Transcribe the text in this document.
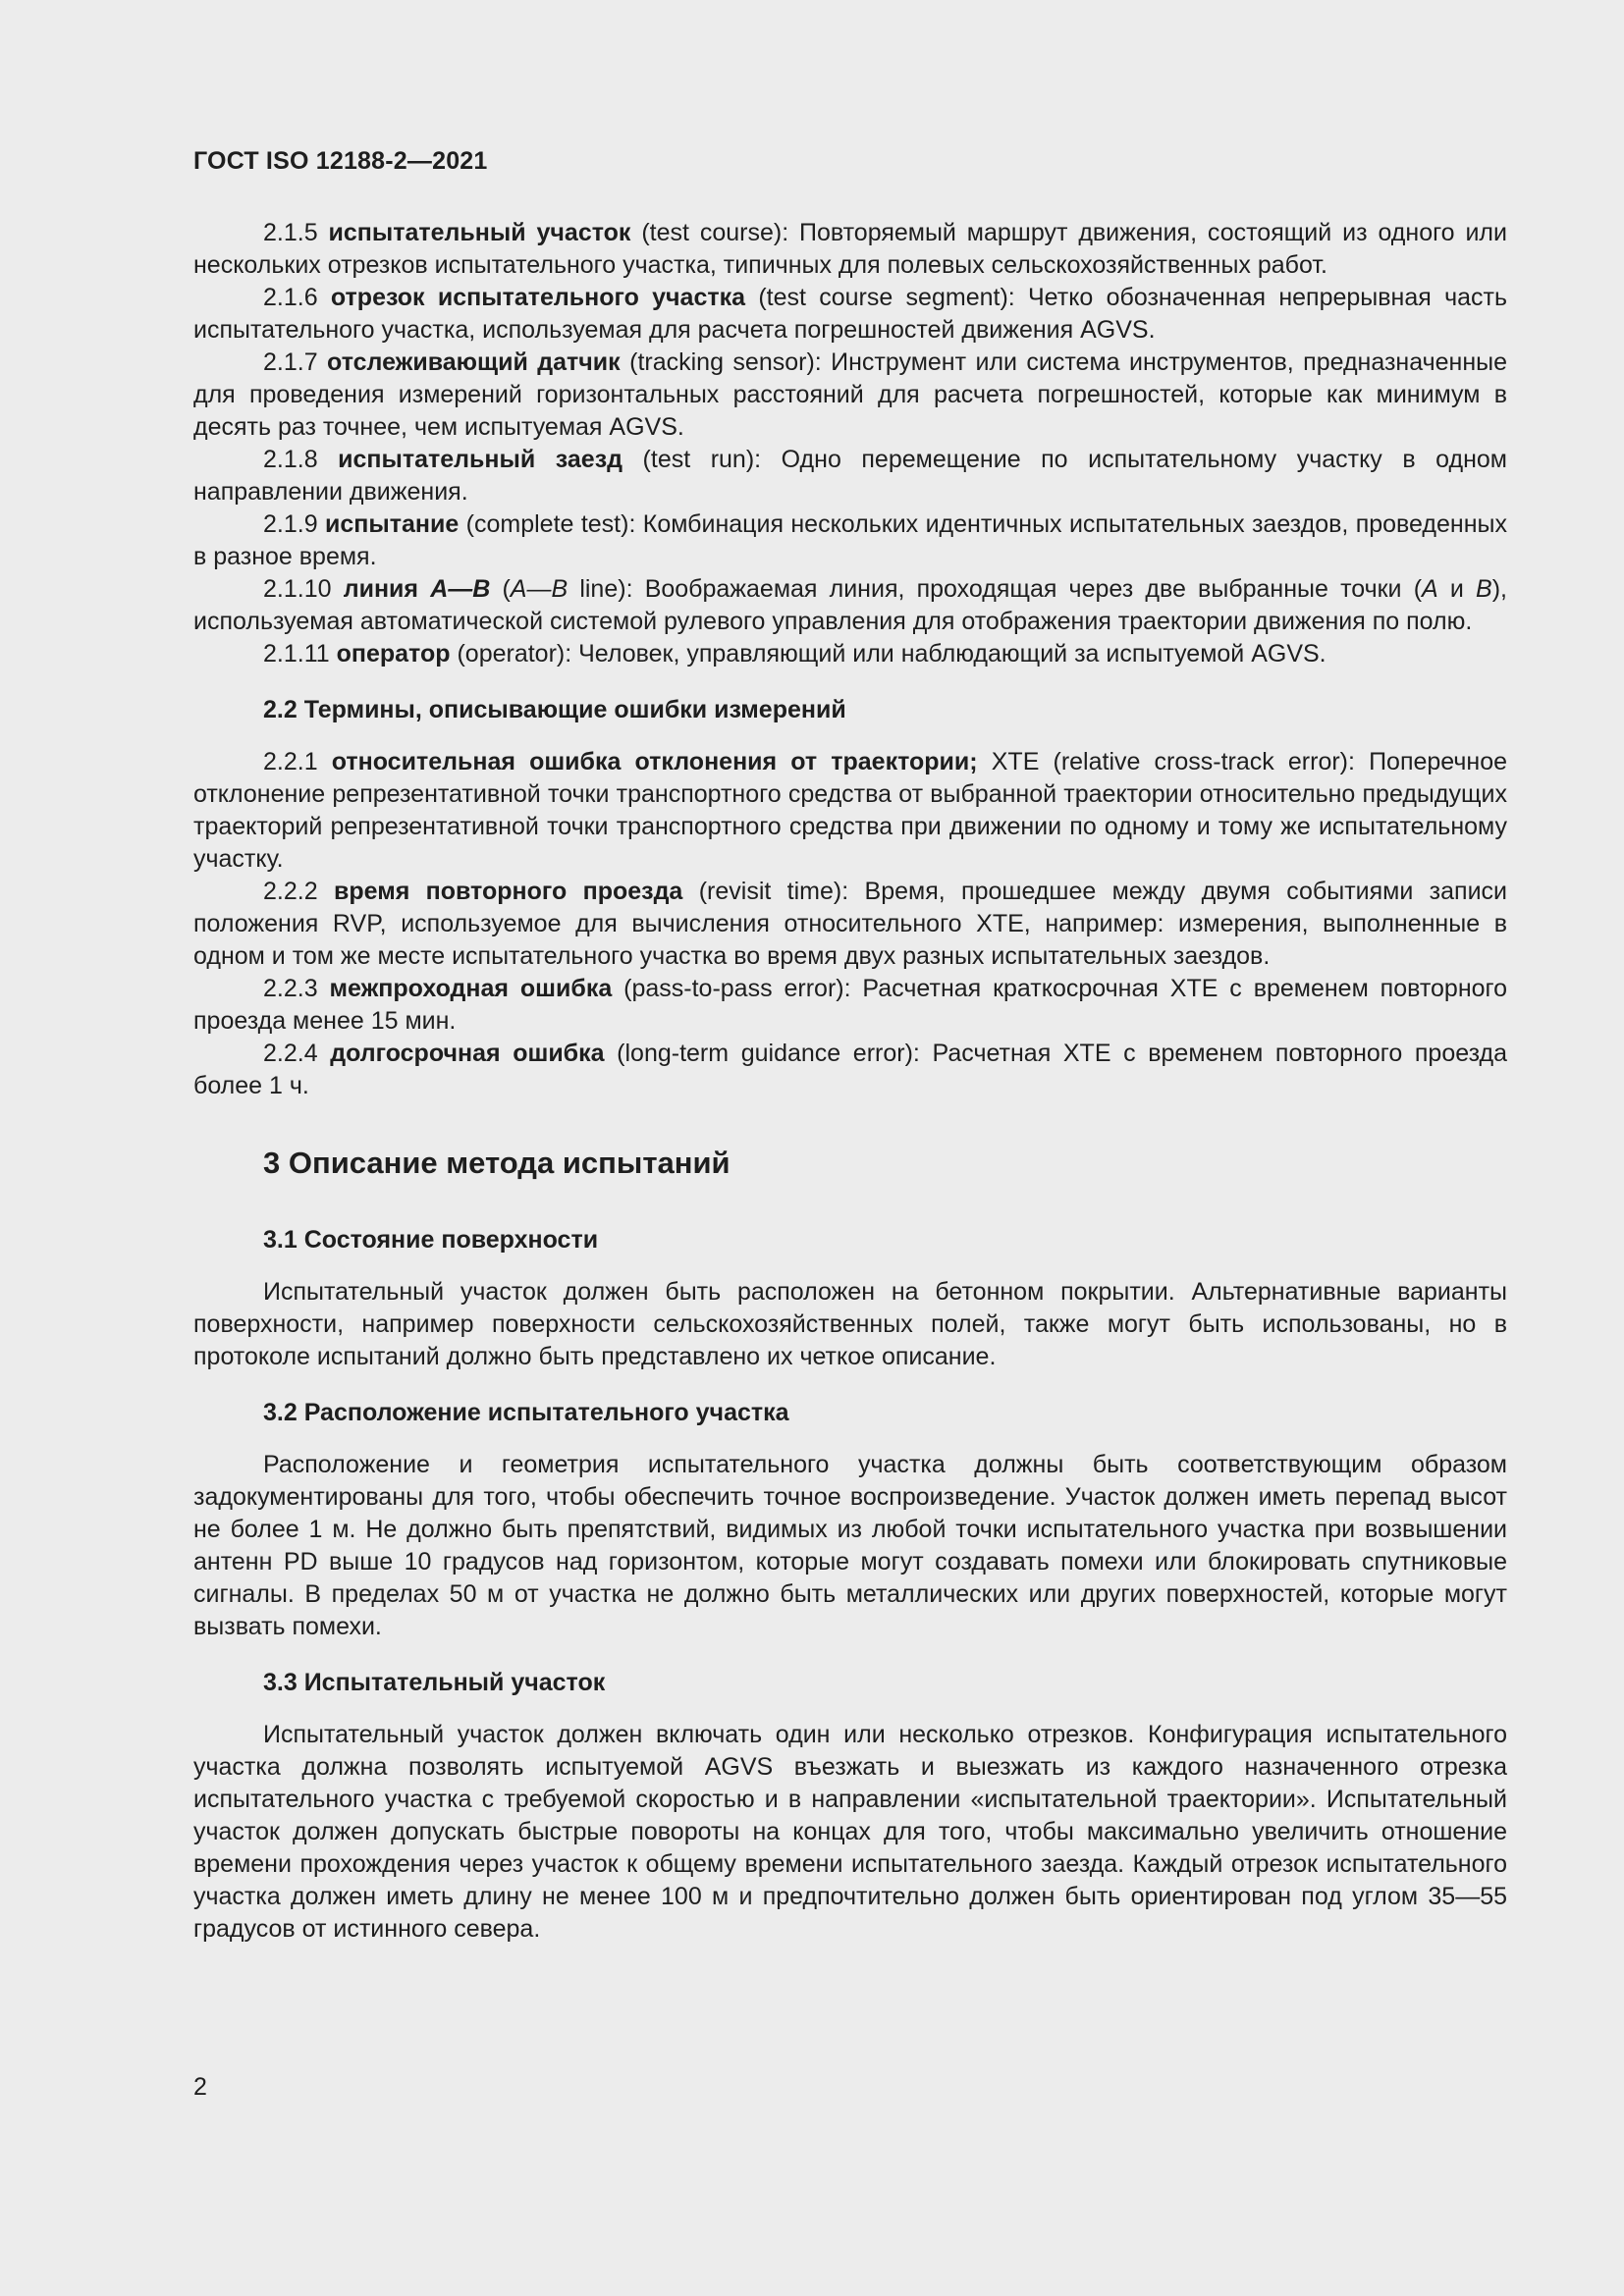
ГОСТ ISO 12188-2—2021

2.1.5 испытательный участок (test course): Повторяемый маршрут движения, состоящий из одного или нескольких отрезков испытательного участка, типичных для полевых сельскохозяйственных работ.

2.1.6 отрезок испытательного участка (test course segment): Четко обозначенная непрерывная часть испытательного участка, используемая для расчета погрешностей движения AGVS.

2.1.7 отслеживающий датчик (tracking sensor): Инструмент или система инструментов, предназначенные для проведения измерений горизонтальных расстояний для расчета погрешностей, которые как минимум в десять раз точнее, чем испытуемая AGVS.

2.1.8 испытательный заезд (test run): Одно перемещение по испытательному участку в одном направлении движения.

2.1.9 испытание (complete test): Комбинация нескольких идентичных испытательных заездов, проведенных в разное время.

2.1.10 линия A—B (A—B line): Воображаемая линия, проходящая через две выбранные точки (A и B), используемая автоматической системой рулевого управления для отображения траектории движения по полю.

2.1.11 оператор (operator): Человек, управляющий или наблюдающий за испытуемой AGVS.

2.2 Термины, описывающие ошибки измерений

2.2.1 относительная ошибка отклонения от траектории; XTE (relative cross-track error): Поперечное отклонение репрезентативной точки транспортного средства от выбранной траектории относительно предыдущих траекторий репрезентативной точки транспортного средства при движении по одному и тому же испытательному участку.

2.2.2 время повторного проезда (revisit time): Время, прошедшее между двумя событиями записи положения RVP, используемое для вычисления относительного XTE, например: измерения, выполненные в одном и том же месте испытательного участка во время двух разных испытательных заездов.

2.2.3 межпроходная ошибка (pass-to-pass error): Расчетная краткосрочная XTE с временем повторного проезда менее 15 мин.

2.2.4 долгосрочная ошибка (long-term guidance error): Расчетная XTE с временем повторного проезда более 1 ч.

3 Описание метода испытаний
3.1 Состояние поверхности

Испытательный участок должен быть расположен на бетонном покрытии. Альтернативные варианты поверхности, например поверхности сельскохозяйственных полей, также могут быть использованы, но в протоколе испытаний должно быть представлено их четкое описание.

3.2 Расположение испытательного участка

Расположение и геометрия испытательного участка должны быть соответствующим образом задокументированы для того, чтобы обеспечить точное воспроизведение. Участок должен иметь перепад высот не более 1 м. Не должно быть препятствий, видимых из любой точки испытательного участка при возвышении антенн PD выше 10 градусов над горизонтом, которые могут создавать помехи или блокировать спутниковые сигналы. В пределах 50 м от участка не должно быть металлических или других поверхностей, которые могут вызвать помехи.

3.3 Испытательный участок

Испытательный участок должен включать один или несколько отрезков. Конфигурация испытательного участка должна позволять испытуемой AGVS въезжать и выезжать из каждого назначенного отрезка испытательного участка с требуемой скоростью и в направлении «испытательной траектории». Испытательный участок должен допускать быстрые повороты на концах для того, чтобы максимально увеличить отношение времени прохождения через участок к общему времени испытательного заезда. Каждый отрезок испытательного участка должен иметь длину не менее 100 м и предпочтительно должен быть ориентирован под углом 35—55 градусов от истинного севера.

2
